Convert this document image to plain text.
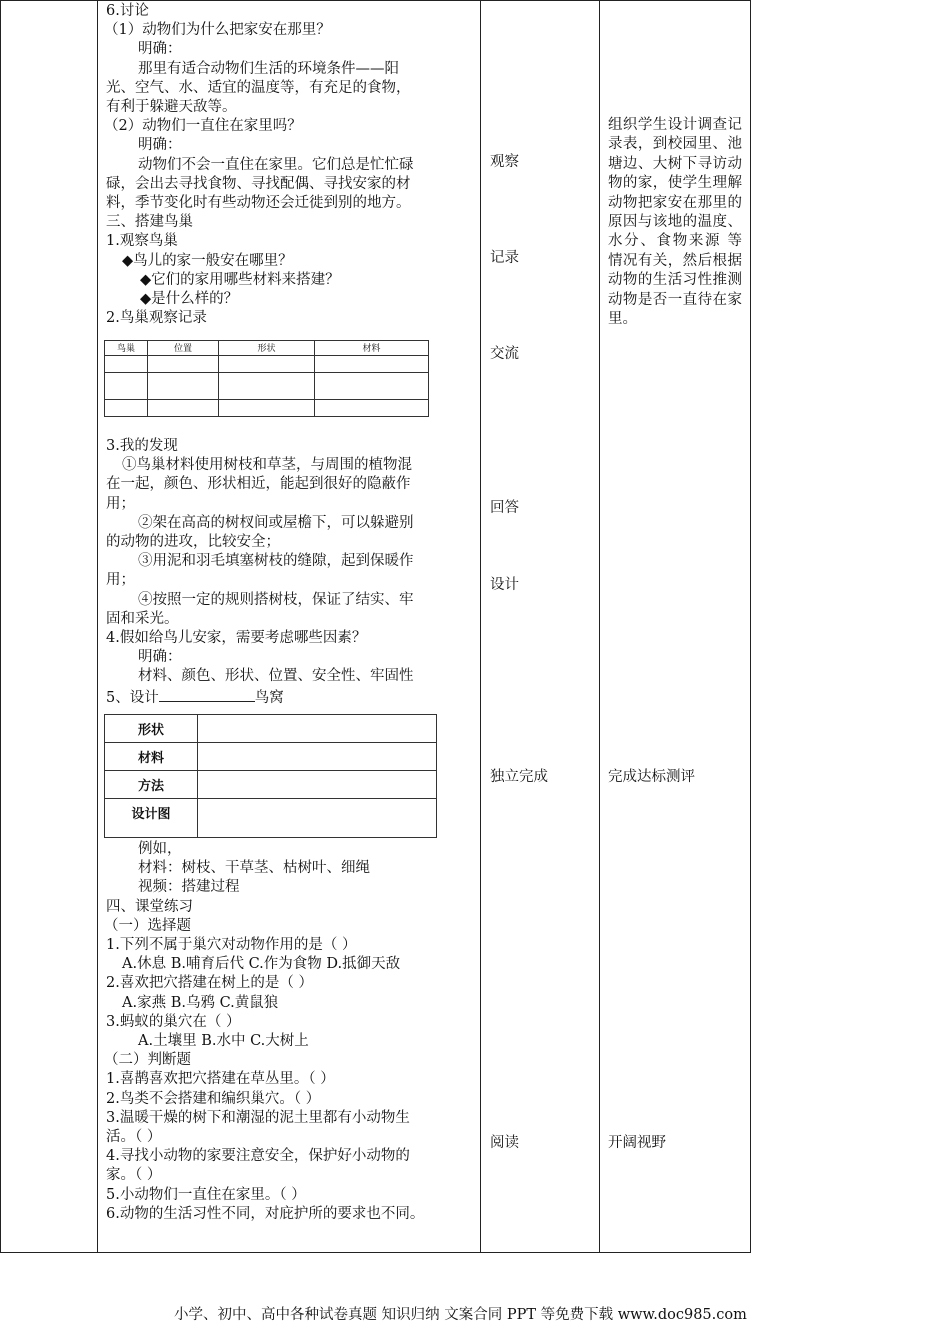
6.讨论
（1）动物们为什么把家安在那里？
明确：
那里有适合动物们生活的环境条件——阳
光、空气、水、适宜的温度等，有充足的食物，
有利于躲避天敌等。
（2）动物们一直住在家里吗？
明确：
动物们不会一直住在家里。它们总是忙忙碌
碌，会出去寻找食物、寻找配偶、寻找安家的材
料，季节变化时有些动物还会迁徙到别的地方。
三、搭建鸟巢
1.观察鸟巢
◆鸟儿的家一般安在哪里？
◆它们的家用哪些材料来搭建？
◆是什么样的？
2.鸟巢观察记录
鸟巢	位置	形状	材料

3.我的发现
①鸟巢材料使用树枝和草茎，与周围的植物混
在一起，颜色、形状相近，能起到很好的隐蔽作
用；
②架在高高的树杈间或屋檐下，可以躲避别
的动物的进攻，比较安全；
③用泥和羽毛填塞树枝的缝隙，起到保暖作
用；
④按照一定的规则搭树枝，保证了结实、牢
固和采光。
4.假如给鸟儿安家，需要考虑哪些因素？
明确：
材料、颜色、形状、位置、安全性、牢固性
5、设计	鸟窝
形状	
材料	
方法	
设计图	
例如，
材料：树枝、干草茎、枯树叶、细绳
视频：搭建过程
四、课堂练习
（一）选择题
1.下列不属于巢穴对动物作用的是（ ）
A.休息 B.哺育后代 C.作为食物 D.抵御天敌
2.喜欢把穴搭建在树上的是（ ）
A.家燕 B.乌鸦 C.黄鼠狼
3.蚂蚁的巢穴在（ ）
A.土壤里 B.水中 C.大树上
（二）判断题
1.喜鹊喜欢把穴搭建在草丛里。（ ）
2.鸟类不会搭建和编织巢穴。（ ）
3.温暖干燥的树下和潮湿的泥土里都有小动物生
活。（ ）
4.寻找小动物的家要注意安全，保护好小动物的
家。（ ）
5.小动物们一直住在家里。（ ）
6.动物的生活习性不同，对庇护所的要求也不同。
观察
记录
交流
回答
设计
独立完成
阅读
组织学生设计调查记录表，到校园里、池塘边、大树下寻访动 物的家，使学生理解动物把家安在那里的原因与该地的温度、水分、食物来源 等情况有关，然后根据动物的生活习性推测动物是否一直待在家里。
完成达标测评
开阔视野
小学、初中、高中各种试卷真题 知识归纳 文案合同 PPT 等免费下载 www.doc985.com
